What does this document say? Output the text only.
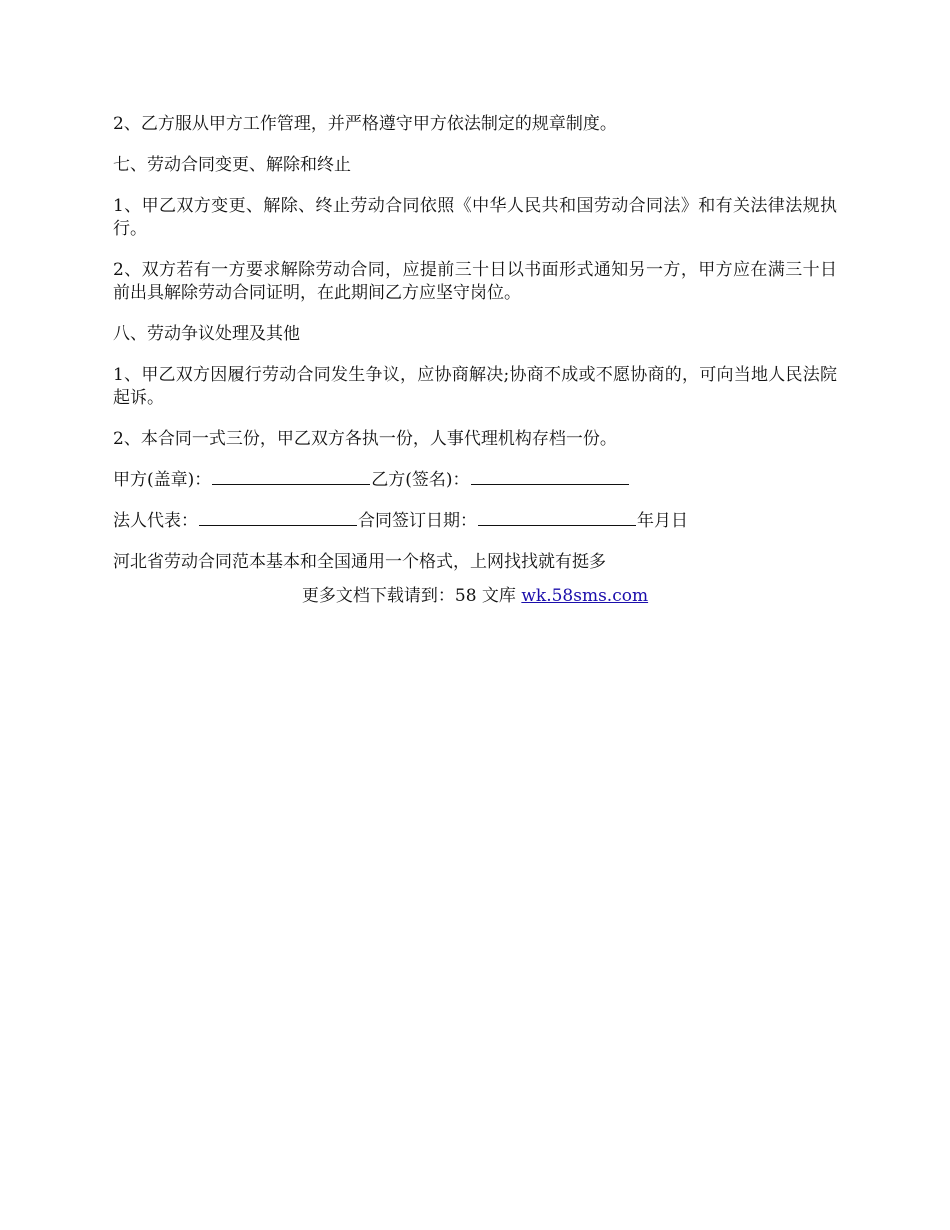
2、乙方服从甲方工作管理，并严格遵守甲方依法制定的规章制度。

七、劳动合同变更、解除和终止

1、甲乙双方变更、解除、终止劳动合同依照《中华人民共和国劳动合同法》和有关法律法规执行。

2、双方若有一方要求解除劳动合同，应提前三十日以书面形式通知另一方，甲方应在满三十日前出具解除劳动合同证明，在此期间乙方应坚守岗位。

八、劳动争议处理及其他

1、甲乙双方因履行劳动合同发生争议，应协商解决;协商不成或不愿协商的，可向当地人民法院起诉。

2、本合同一式三份，甲乙双方各执一份，人事代理机构存档一份。

甲方(盖章)：	乙方(签名)：

法人代表：	合同签订日期：	年月日

河北省劳动合同范本基本和全国通用一个格式，上网找找就有挺多

更多文档下载请到：58 文库 wk.58sms.com
